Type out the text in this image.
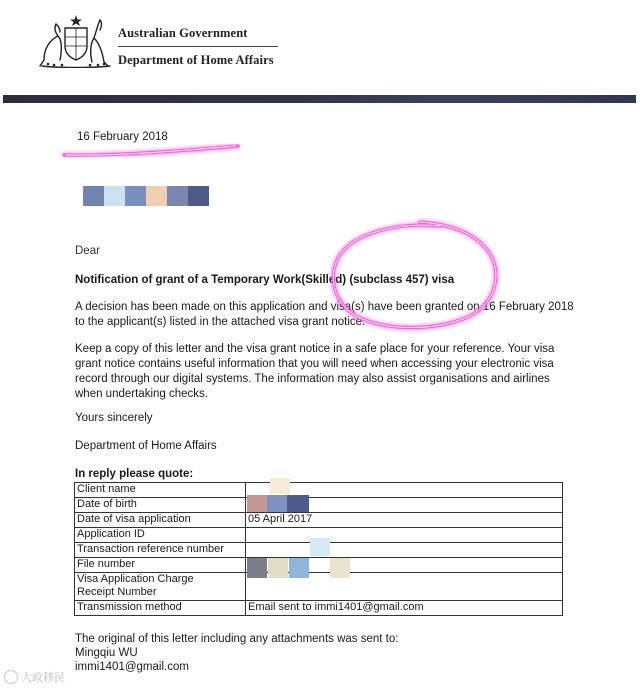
Australian Government
Department of Home Affairs
16 February 2018
Dear
Notification of grant of a Temporary Work(Skilled) (subclass 457) visa
A decision has been made on this application and visa(s) have been granted on 16 February 2018 to the applicant(s) listed in the attached visa grant notice.
Keep a copy of this letter and the visa grant notice in a safe place for your reference. Your visa grant notice contains useful information that you will need when accessing your electronic visa record through our digital systems. The information may also assist organisations and airlines when undertaking checks.
Yours sincerely
Department of Home Affairs
In reply please quote:
Client name	
Date of birth	
Date of visa application	05 April 2017
Application ID	
Transaction reference number	
File number	
Visa Application Charge
Receipt Number	
Transmission method	Email sent to immi1401@gmail.com
The original of this letter including any attachments was sent to:
Mingqiu WU
immi1401@gmail.com
大政移民
